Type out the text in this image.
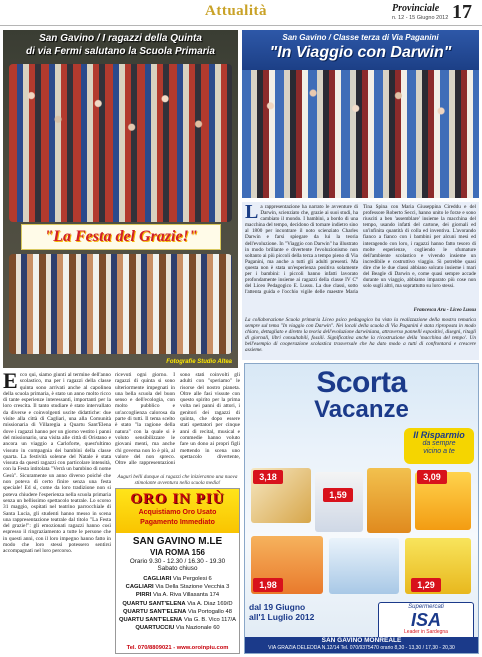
Attualità	Provinciale
n. 12 - 15 Giugno 2012 17
San Gavino / I ragazzi della Quinta
di via Fermi salutano la Scuola Primaria
"La Festa del Grazie!"
Fotografie Studio Altea
San Gavino / Classe terza di Via Paganini
"In Viaggio con Darwin"
La rappresentazione ha narrato le avventure di Darwin, scienziato che, grazie ai suoi studi, ha cambiato il mondo. I bambini, a bordo di una macchina del tempo, decidono di tornare indietro sino al 1800 per incontrare il noto scienziato Charles Darwin e farsi spiegare da lui la teoria dell'evoluzione. In "Viaggio con Darwin" ha illustrato in modo brillante e divertente l'evoluzionismo non soltanto ai più piccoli della terza a tempo pieno di Via Paganini, ma anche a tutti gli adulti presenti. Ma questa non è stata un'esperienza positiva solamente per i bambini: i piccoli hanno infatti lavorato profondamente insieme ai ragazzi della classe IV C° del Liceo Pedagogico E. Lussu. La due classi, sotto l'attenta guida e l'occhio vigile delle maestre Maria Tina Spina con Maria Giuseppina Cireddu e del professore Roberto Secci, hanno unito le forze e sono riusciti a ben 'assemblare' insieme la macchina del tempo, usando infatti del cartone, dei giornali ed un'infinita quantità di colla ed inventiva. L'avorando fianco a fianco con i bambini per alcuni mesi ed interagendo con loro, i ragazzi hanno fatto tesoro di molte esperienze, cogliendo le sfumature dell'ambiente scolastico e vivendo insieme un incredibile e costruttivo viaggio. Si potrebbe quasi dire che le due classi abbiano solcato insieme i mari del Beagle di Darwin e, come quasi sempre accade durante un viaggio, abbiamo imparato più cose non solo sugli altri, ma soprattutto su loro stessi.
Francesca Aru - Liceo Lussu
La collaborazione Scuola primaria Liceo psico pedagogico ha visto la realizzazione della mostra tematica sempre sul tema "In viaggio con Darwin". Nei locali della scuola di Via Paganini è stata riproposta in modo chiaro, dettagliato e diretto la teoria dell'evoluzione darwiniana, attraverso pannelli espositivi, disegni, ritagli di giornali, libri consultabili, fossili. Significativa anche la ricostruzione della 'macchina del tempo'. Un bell'esempio di cooperazione scolastica trasversale che ha dato modo a tutti di confrontarsi e crescere assieme.
Ecco qui, siamo giunti al termine dell'anno scolastico, ma per i ragazzi della classe quinta sono arrivati anche al capolinea della scuola primaria, è stato un anno molto ricco di tante esperienze interessanti, importanti per la loro crescita. Il tanto studiare è stato intervallato da diverse e coinvolgenti uscite didattiche: due visite alla città di Cagliari, una alla Comunità missionaria di Villaregia a Quartu Sant'Elena dove i ragazzi hanno per un giorno vestito i panni del missionario, una visita alle città di Oristano e ancora un viaggio a Carloforte, quest'ultimo vissuto in compagnia dei bambini della classe quarta. La festività solenne del Natale è stata vissuta da questi ragazzi con particolare intensità, con la Festa intitolata "Verrà un bambino di nome Gesù". Sicuramente un anno diverso poiché che non poteva di certo finire senza una festa speciale! Ed sì, come da loro tradizione non si poteva chiudere l'esperienza nella scuola primaria senza un bellissimo spettacolo teatrale. Lo scorso 31 maggio, ospitati nel teatrino parrocchiale di Santa Lucia, gli studenti hanno messo in scena una rappresentazione teatrale dal titolo "La Festa del grazie!": gli emozionati ragazzi hanno così espresso il ringraziamento a tutte le persone che in questi anni, con il loro impegno hanno fatto in modo che loro stessi potessero sentirsi accompagnati nel loro percorso.
ricevuti ogni giorno. I ragazzi di quinta si sono ulteriormente impegnati in una bella scuola del buon senso e dell'ecologia, con molto pubblico e un'accoglienza calorosa da parte di tutti. Il tema scelto è stato "la ragione della natura" con la quale si è voluto sensibilizzare le giovani menti, ma anche chi governa non lo è più, al valore del non spreco. Oltre alle rappresentazioni sono stati coinvolti gli adulti con "speriamo" le risorse del nostro pianeta. Oltre alle fasi vissute con questo spirito per la prima volta nei panni di attori, i genitori dei ragazzi di quinta, che dopo essere stati spettatori per cinque anni di recital, musical e commedie hanno voluto fare un dono ai propri figli mettendo in scena uno spettacolo divertente,
Auguri belli dunque ai ragazzi che inizieranno una nuova stimolante avventura nella scuola media!
ORO IN PIÙ
Acquistiamo Oro Usato
Pagamento Immediato
SAN GAVINO M.LE
VIA ROMA 156
Orario 9.30 - 12.30 / 16.30 - 19.30
Sabato chiuso
CAGLIARI Via Pergolesi 6
CAGLIARI Via Della Stazione Vecchia 3
PIRRI Via A. Riva Villasanta 174
QUARTU SANT'ELENA Via A. Diaz 169/D
QUARTU SANT'ELENA Via Portogallo 48
QUARTU SANT'ELENA Via G. B. Vico 117/A
QUARTUCCIU Via Nazionale 60
Tel. 070/8809021 - www.oroinpiu.com
Scorta
Vacanze
Il Risparmio
da sempre
vicino a te
3,18
1,59
3,09
1,98	1,29
dal 19 Giugno
all'1 Luglio 2012
Supermercati
ISA
Leader in Sardegna
SAN GAVINO MONREALE
VIA GRAZIA DELEDDA N.12/14 Tel. 070/9375470 orario 8,30 - 13,30 / 17,30 - 20,30
